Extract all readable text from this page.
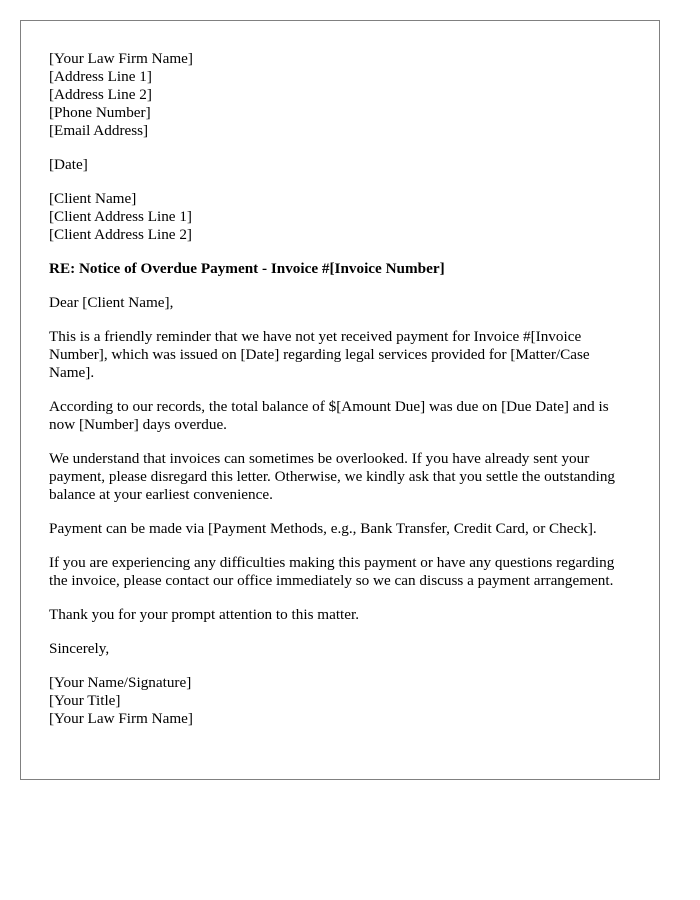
[Your Law Firm Name]
[Address Line 1]
[Address Line 2]
[Phone Number]
[Email Address]
[Date]
[Client Name]
[Client Address Line 1]
[Client Address Line 2]

RE: Notice of Overdue Payment - Invoice #[Invoice Number]

Dear [Client Name],

This is a friendly reminder that we have not yet received payment for Invoice #[Invoice Number], which was issued on [Date] regarding legal services provided for [Matter/Case Name].

According to our records, the total balance of $[Amount Due] was due on [Due Date] and is now [Number] days overdue.

We understand that invoices can sometimes be overlooked. If you have already sent your payment, please disregard this letter. Otherwise, we kindly ask that you settle the outstanding balance at your earliest convenience.

Payment can be made via [Payment Methods, e.g., Bank Transfer, Credit Card, or Check].

If you are experiencing any difficulties making this payment or have any questions regarding the invoice, please contact our office immediately so we can discuss a payment arrangement.

Thank you for your prompt attention to this matter.

Sincerely,

[Your Name/Signature]
[Your Title]
[Your Law Firm Name]
